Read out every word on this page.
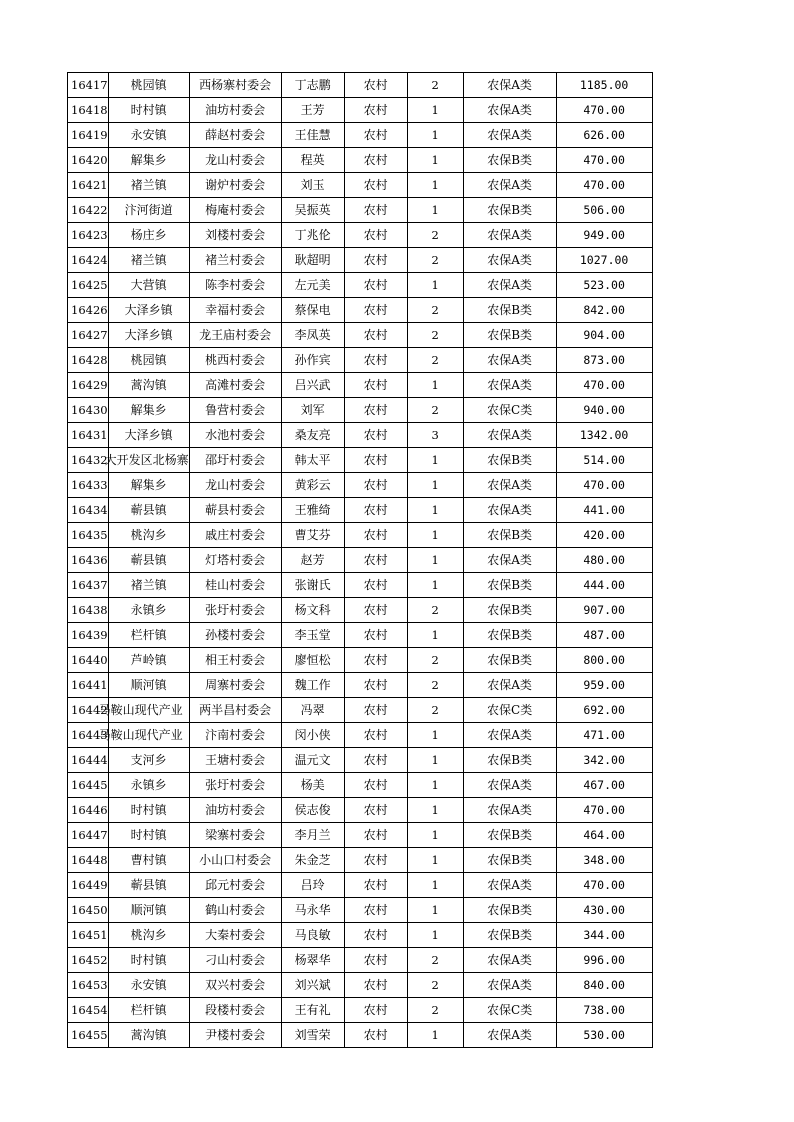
16417	桃园镇	西杨寨村委会	丁志鹏	农村	2	农保A类	1185.00
16418	时村镇	油坊村委会	王芳	农村	1	农保A类	470.00
16419	永安镇	薛赵村委会	王佳慧	农村	1	农保A类	626.00
16420	解集乡	龙山村委会	程英	农村	1	农保B类	470.00
16421	褚兰镇	谢炉村委会	刘玉	农村	1	农保A类	470.00
16422	汴河街道	梅庵村委会	吴振英	农村	1	农保B类	506.00
16423	杨庄乡	刘楼村委会	丁兆伦	农村	2	农保A类	949.00
16424	褚兰镇	褚兰村委会	耿超明	农村	2	农保A类	1027.00
16425	大营镇	陈李村委会	左元美	农村	1	农保A类	523.00
16426	大泽乡镇	幸福村委会	蔡保电	农村	2	农保B类	842.00
16427	大泽乡镇	龙王庙村委会	李凤英	农村	2	农保B类	904.00
16428	桃园镇	桃西村委会	孙作宾	农村	2	农保A类	873.00
16429	蒿沟镇	高滩村委会	吕兴武	农村	1	农保A类	470.00
16430	解集乡	鲁营村委会	刘军	农村	2	农保C类	940.00
16431	大泽乡镇	水池村委会	桑友亮	农村	3	农保A类	1342.00
16432	大开发区北杨寨	邵圩村委会	韩太平	农村	1	农保B类	514.00
16433	解集乡	龙山村委会	黄彩云	农村	1	农保A类	470.00
16434	蕲县镇	蕲县村委会	王雅绮	农村	1	农保A类	441.00
16435	桃沟乡	戚庄村委会	曹艾芬	农村	1	农保B类	420.00
16436	蕲县镇	灯塔村委会	赵芳	农村	1	农保A类	480.00
16437	褚兰镇	桂山村委会	张谢氏	农村	1	农保B类	444.00
16438	永镇乡	张圩村委会	杨文科	农村	2	农保B类	907.00
16439	栏杆镇	孙楼村委会	李玉堂	农村	1	农保B类	487.00
16440	芦岭镇	相王村委会	廖恒松	农村	2	农保B类	800.00
16441	顺河镇	周寨村委会	魏工作	农村	2	农保A类	959.00
16442	马鞍山现代产业	两半昌村委会	冯翠	农村	2	农保C类	692.00
16443	马鞍山现代产业	汴南村委会	闵小侠	农村	1	农保A类	471.00
16444	支河乡	王塘村委会	温元文	农村	1	农保B类	342.00
16445	永镇乡	张圩村委会	杨美	农村	1	农保A类	467.00
16446	时村镇	油坊村委会	侯志俊	农村	1	农保A类	470.00
16447	时村镇	梁寨村委会	李月兰	农村	1	农保B类	464.00
16448	曹村镇	小山口村委会	朱金芝	农村	1	农保B类	348.00
16449	蕲县镇	邱元村委会	吕玲	农村	1	农保A类	470.00
16450	顺河镇	鹤山村委会	马永华	农村	1	农保B类	430.00
16451	桃沟乡	大秦村委会	马良敏	农村	1	农保B类	344.00
16452	时村镇	刁山村委会	杨翠华	农村	2	农保A类	996.00
16453	永安镇	双兴村委会	刘兴斌	农村	2	农保A类	840.00
16454	栏杆镇	段楼村委会	王有礼	农村	2	农保C类	738.00
16455	蒿沟镇	尹楼村委会	刘雪荣	农村	1	农保A类	530.00
